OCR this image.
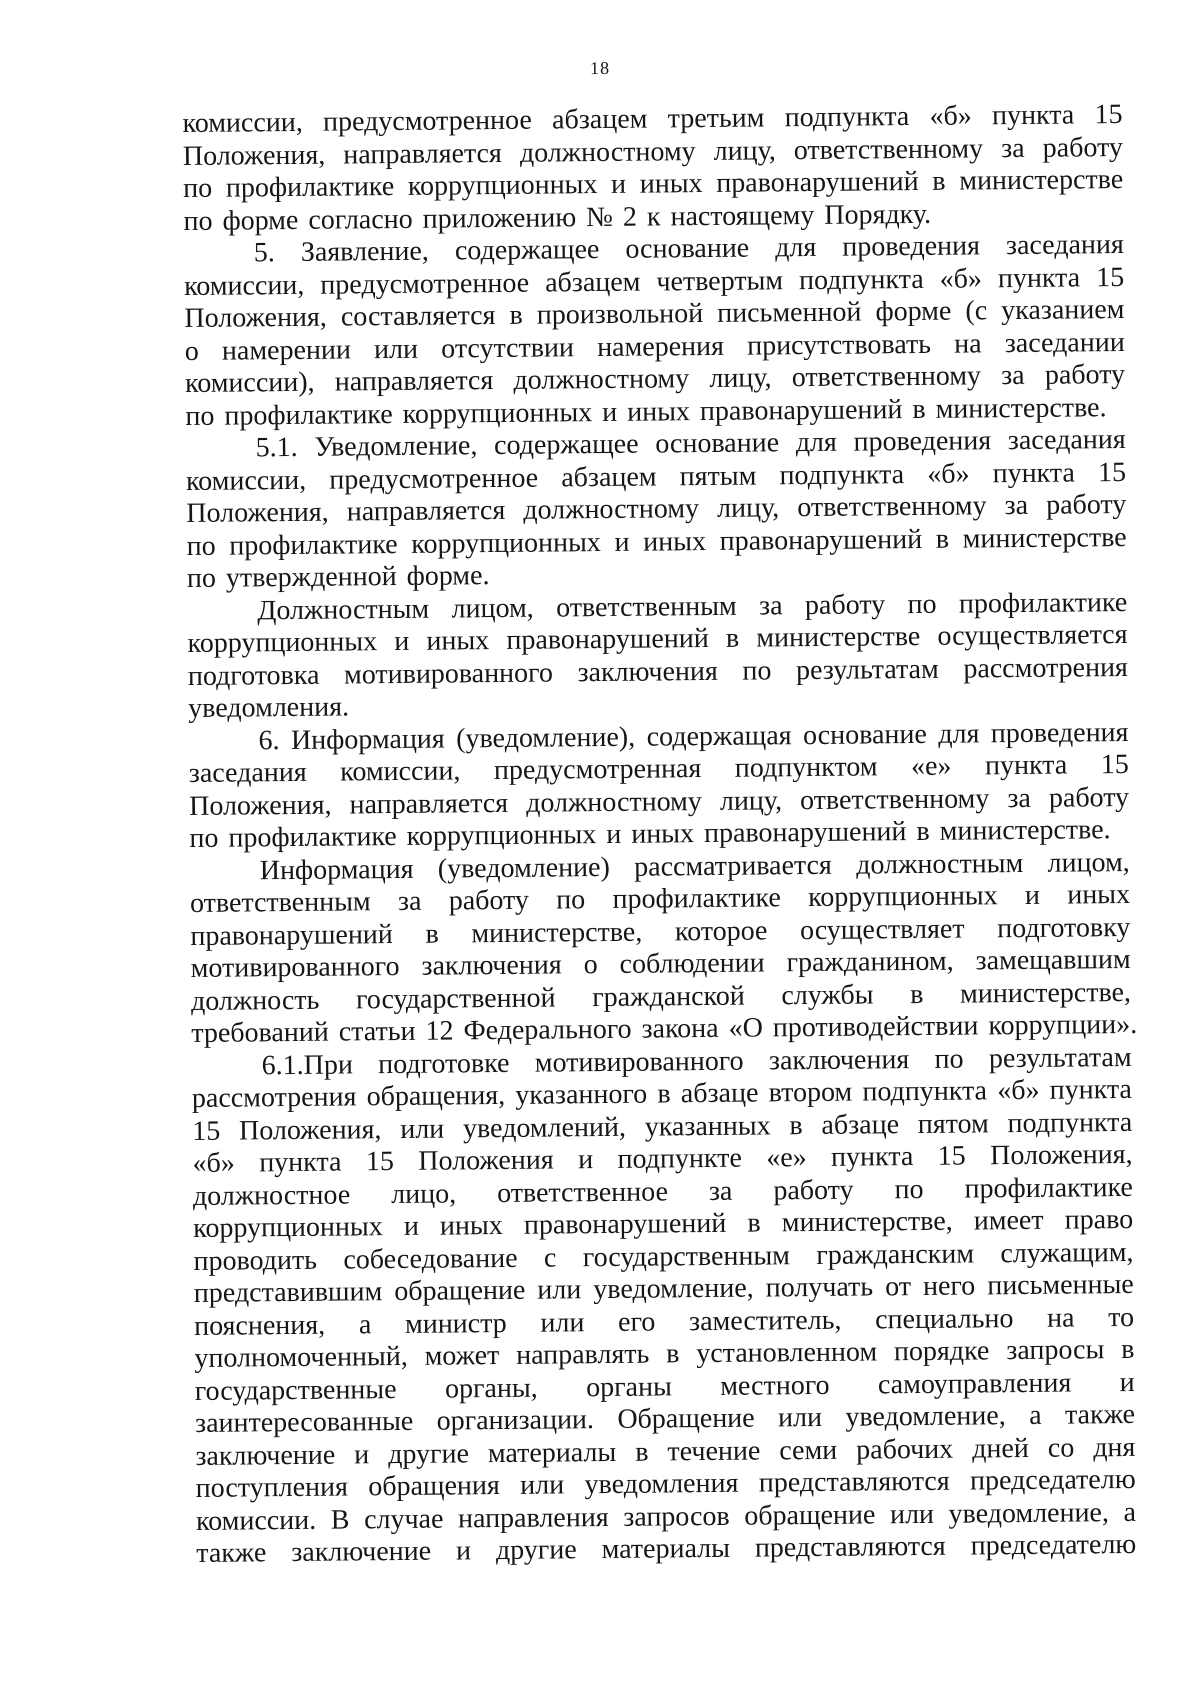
18
комиссии, предусмотренное абзацем третьим подпункта «б» пункта 15
Положения, направляется должностному лицу, ответственному за работу
по профилактике коррупционных и иных правонарушений в министерстве
по форме согласно приложению № 2 к настоящему Порядку.
5. Заявление, содержащее основание для проведения заседания
комиссии, предусмотренное абзацем четвертым подпункта «б» пункта 15
Положения, составляется в произвольной письменной форме (с указанием
о намерении или отсутствии намерения присутствовать на заседании
комиссии), направляется должностному лицу, ответственному за работу
по профилактике коррупционных и иных правонарушений в министерстве.
5.1. Уведомление, содержащее основание для проведения заседания
комиссии, предусмотренное абзацем пятым подпункта «б» пункта 15
Положения, направляется должностному лицу, ответственному за работу
по профилактике коррупционных и иных правонарушений в министерстве
по утвержденной форме.
Должностным лицом, ответственным за работу по профилактике
коррупционных и иных правонарушений в министерстве осуществляется
подготовка мотивированного заключения по результатам рассмотрения
уведомления.
6. Информация (уведомление), содержащая основание для проведения
заседания комиссии, предусмотренная подпунктом «е» пункта 15
Положения, направляется должностному лицу, ответственному за работу
по профилактике коррупционных и иных правонарушений в министерстве.
Информация (уведомление) рассматривается должностным лицом,
ответственным за работу по профилактике коррупционных и иных
правонарушений в министерстве, которое осуществляет подготовку
мотивированного заключения о соблюдении гражданином, замещавшим
должность государственной гражданской службы в министерстве,
требований статьи 12 Федерального закона «О противодействии коррупции».
6.1.При подготовке мотивированного заключения по результатам
рассмотрения обращения, указанного в абзаце втором подпункта «б» пункта
15 Положения, или уведомлений, указанных в абзаце пятом подпункта
«б» пункта 15 Положения и подпункте «е» пункта 15 Положения,
должностное лицо, ответственное за работу по профилактике
коррупционных и иных правонарушений в министерстве, имеет право
проводить собеседование с государственным гражданским служащим,
представившим обращение или уведомление, получать от него письменные
пояснения, а министр или его заместитель, специально на то
уполномоченный, может направлять в установленном порядке запросы в
государственные органы, органы местного самоуправления и
заинтересованные организации. Обращение или уведомление, а также
заключение и другие материалы в течение семи рабочих дней со дня
поступления обращения или уведомления представляются председателю
комиссии. В случае направления запросов обращение или уведомление, а
также заключение и другие материалы представляются председателю
